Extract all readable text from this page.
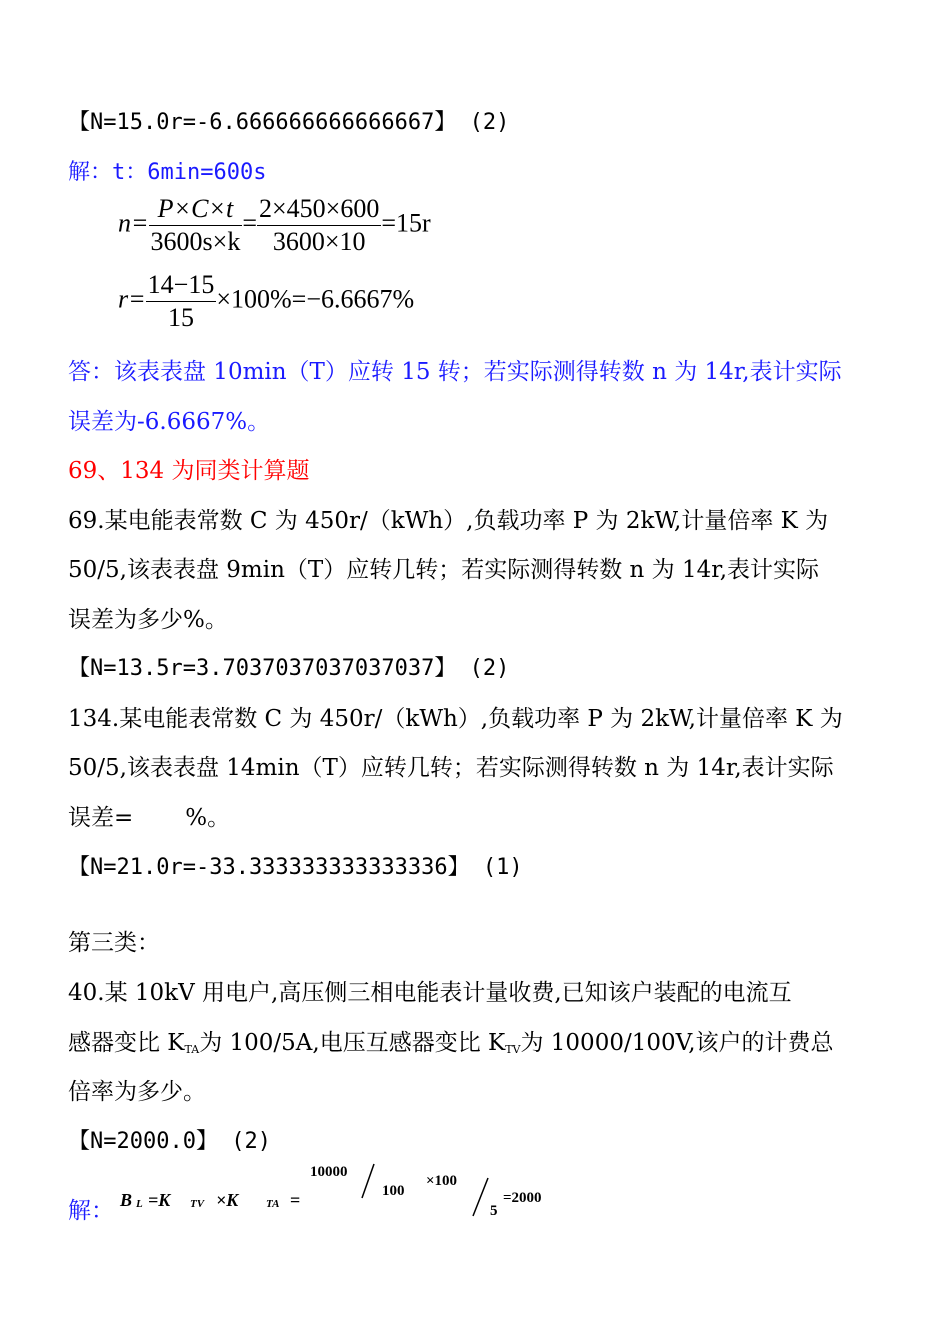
【N=15.0r=-6.666666666666667】 (2)
解：t：6min=600s
$n= \frac{P\times C\times t}{3600s\times k} = \frac{2\times 450\times 600}{3600\times 10} =15r$
$r= \frac{14-15}{15} \times 100\%=-6.6667\%$
答：该表表盘 10min（T）应转 15 转；若实际测得转数 n 为 14r,表计实际
误差为-6.6667%。
69、134 为同类计算题
69.某电能表常数 C 为 450r/（kWh）,负载功率 P 为 2kW,计量倍率 K 为
50/5,该表表盘 9min（T）应转几转；若实际测得转数 n 为 14r,表计实际
误差为多少%。
【N=13.5r=3.7037037037037037】 (2)
134.某电能表常数 C 为 450r/（kWh）,负载功率 P 为 2kW,计量倍率 K 为
50/5,该表表盘 14min（T）应转几转；若实际测得转数 n 为 14r,表计实际
误差= %。
【N=21.0r=-33.333333333333336】 (1)
第三类：
40.某 10kV 用电户,高压侧三相电能表计量收费,已知该户装配的电流互
感器变比 $K_{TA}$为 100/5A,电压互感器变比 $K_{TV}$为 10000/100V,该户的计费总
倍率为多少。
【N=2000.0】 (2)
解： B L =K TV ×K	TA =
10000
100
×100
5
=2000
